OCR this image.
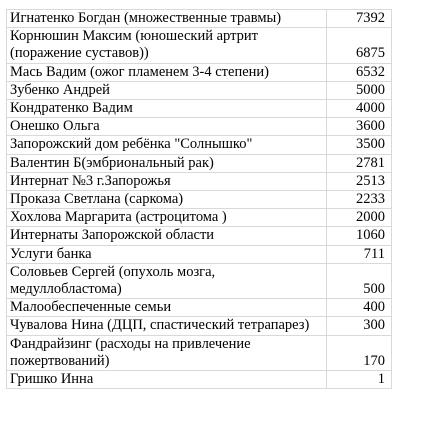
Игнатенко Богдан (множественные травмы)	7392
Корнюшин Максим (юношеский артрит (поражение суставов))	6875
Мась Вадим (ожог пламенем 3-4 степени)	6532
Зубенко Андрей	5000
Кондратенко Вадим	4000
Онешко Ольга	3600
Запорожский дом ребёнка "Солнышко"	3500
Валентин Б(эмбриональный рак)	2781
Интернат №3 г.Запорожья	2513
Проказа Светлана (саркома)	2233
Хохлова Маргарита (астроцитома )	2000
Интернаты Запорожской области	1060
Услуги банка	711
Соловьев Сергей (опухоль мозга, медуллобластома)	500
Малообеспеченные семьи	400
Чувалова Нина (ДЦП, спастический тетрапарез)	300
Фандрайзинг (расходы на привлечение пожертвований)	170
Гришко Инна	1
